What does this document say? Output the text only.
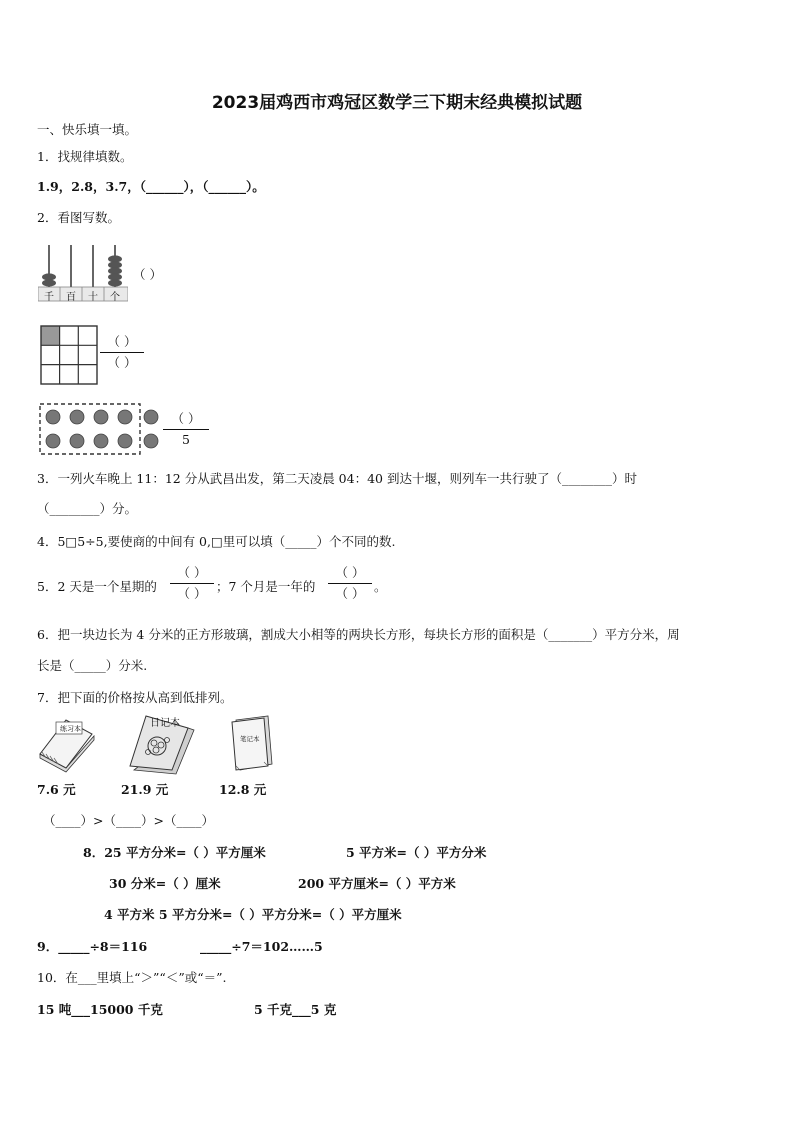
2023届鸡西市鸡冠区数学三下期末经典模拟试题
一、快乐填一填。
1．找规律填数。
1.9，2.8，3.7，（______），（______）。
2．看图写数。
千 百 十 个
（ ）
（ ）
（ ）
（ ）
5
3．一列火车晚上 11：12 分从武昌出发，第二天凌晨 04：40 到达十堰，则列车一共行驶了（________）时
（________）分。
4．5□5÷5,要使商的中间有 0,□里可以填（_____）个不同的数.
5．2 天是一个星期的
（ ）
（ ） ；7 个月是一年的
（ ）
（ ） 。
6．把一块边长为 4 分米的正方形玻璃，割成大小相等的两块长方形，每块长方形的面积是（_______）平方分米，周
长是（_____）分米.
7．把下面的价格按从高到低排列。
练习本	日记本
笔记本
7.6 元	21.9 元	12.8 元
（____）>（____）>（____）
8．25 平方分米=（ ）平方厘米	5 平方米=（ ）平方分米
30 分米=（ ）厘米	200 平方厘米=（ ）平方米
4 平方米 5 平方分米=（ ）平方分米=（ ）平方厘米
9．_____÷8＝116	_____÷7＝102……5
10．在___里填上“＞”“＜”或“＝”.
15 吨___15000 千克	5 千克___5 克
